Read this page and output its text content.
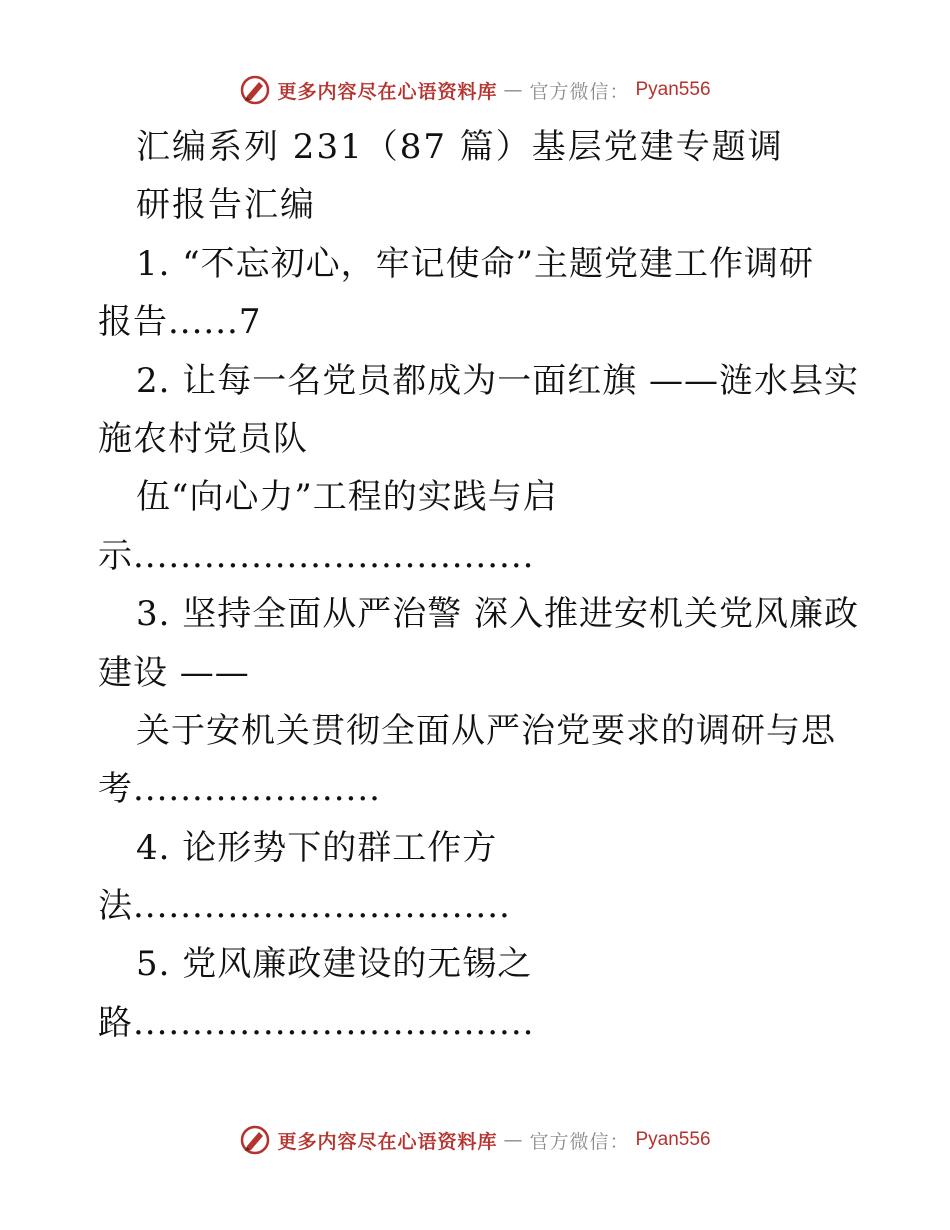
更多内容尽在心语资料库 — 官方微信： Pyan556
汇编系列 231（87 篇）基层党建专题调
研报告汇编
1. “不忘初心，牢记使命”主题党建工作调研
报告......7
2. 让每一名党员都成为一面红旗 ——涟水县实
施农村党员队
伍“向心力”工程的实践与启
示..................................
3. 坚持全面从严治警 深入推进安机关党风廉政
建设 ——
关于安机关贯彻全面从严治党要求的调研与思
考.....................
4. 论形势下的群工作方
法................................
5. 党风廉政建设的无锡之
路..................................
更多内容尽在心语资料库 — 官方微信： Pyan556
